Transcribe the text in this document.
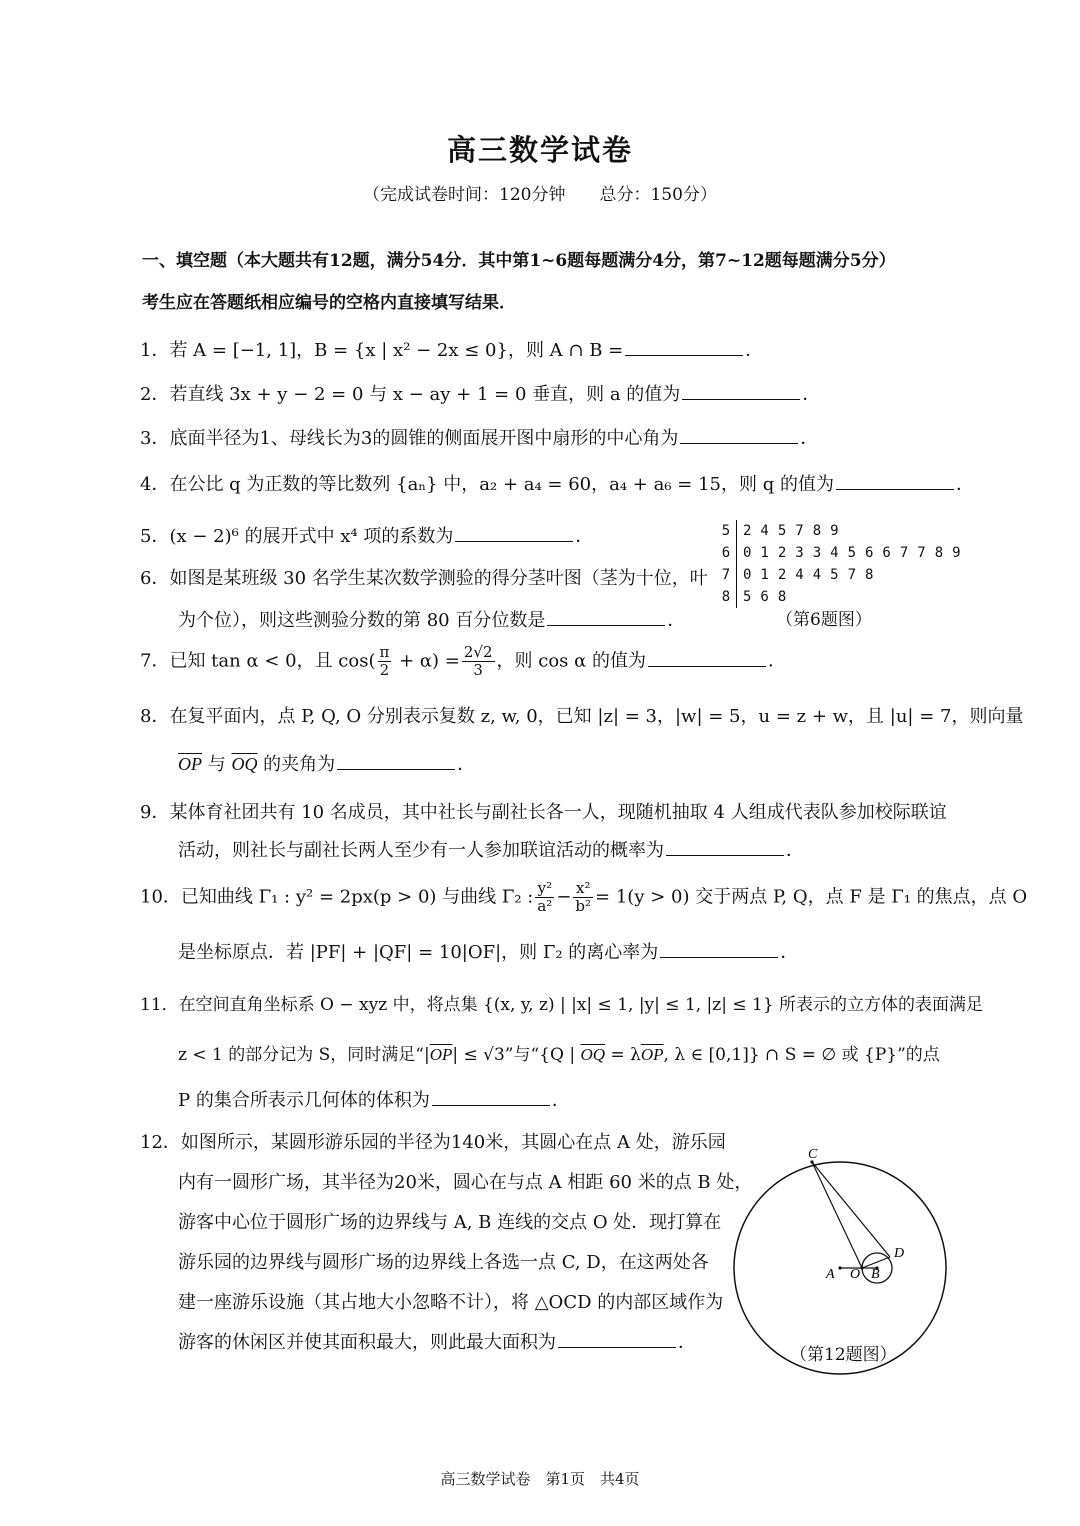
高三数学试卷
（完成试卷时间：120分钟　　总分：150分）
一、填空题（本大题共有12题，满分54分．其中第1~6题每题满分4分，第7~12题每题满分5分）
考生应在答题纸相应编号的空格内直接填写结果．
1．若 A = [−1, 1]，B = {x | x² − 2x ≤ 0}，则 A ∩ B =	．
2．若直线 3x + y − 2 = 0 与 x − ay + 1 = 0 垂直，则 a 的值为	．
3．底面半径为1、母线长为3的圆锥的侧面展开图中扇形的中心角为	．
4．在公比 q 为正数的等比数列 {aₙ} 中，a₂ + a₄ = 60，a₄ + a₆ = 15，则 q 的值为	．
5．(x − 2)⁶ 的展开式中 x⁴ 项的系数为	．	5 245789
6 0123345667789
7 01244578
8 568
（第6题图）
6．如图是某班级 30 名学生某次数学测验的得分茎叶图（茎为十位，叶
为个位），则这些测验分数的第 80 百分位数是	．
7．已知 tan α < 0，且 $\cos( \frac{\pi}{2} + \alpha) = \frac{2√2}{3}$ ，则 cos α 的值为	．
8．在复平面内，点 P, Q, O 分别表示复数 z, w, 0，已知 |z| = 3，|w| = 5，u = z + w，且 |u| = 7，则向量
$\overline{OP}$ 与 $\overline{OQ}$ 的夹角为	．
9．某体育社团共有 10 名成员，其中社长与副社长各一人，现随机抽取 4 人组成代表队参加校际联谊
活动，则社长与副社长两人至少有一人参加联谊活动的概率为	．
10．已知曲线 Γ₁ : y² = 2px(p > 0) 与曲线 Γ₂ : $\frac{\text{y²}}{\text{a²}} - \frac{\text{x²}}{\text{b²}} = 1(y > 0)$ 交于两点 P, Q，点 F 是 Γ₁ 的焦点，点 O
是坐标原点．若 |PF| + |QF| = 10|OF|，则 Γ₂ 的离心率为	．
11．在空间直角坐标系 O − xyz 中，将点集 {(x, y, z) | |x| ≤ 1, |y| ≤ 1, |z| ≤ 1} 所表示的立方体的表面满足
z < 1 的部分记为 S，同时满足“$|\overline{OP}| \le √3$”与“{Q | $\overline{OQ} = \lambda\overline{OP}$, λ ∈ [0,1]} ∩ S = ∅ 或 {P}”的点
P 的集合所表示几何体的体积为	．
12．如图所示，某圆形游乐园的半径为140米，其圆心在点 A 处，游乐园
内有一圆形广场，其半径为20米，圆心在与点 A 相距 60 米的点 B 处，
游客中心位于圆形广场的边界线与 A, B 连线的交点 O 处．现打算在
游乐园的边界线与圆形广场的边界线上各选一点 C, D，在这两处各
建一座游乐设施（其占地大小忽略不计），将 △OCD 的内部区域作为
游客的休闲区并使其面积最大，则此最大面积为	．
C
D
A O B
（第12题图）
高三数学试卷　第1页　共4页
